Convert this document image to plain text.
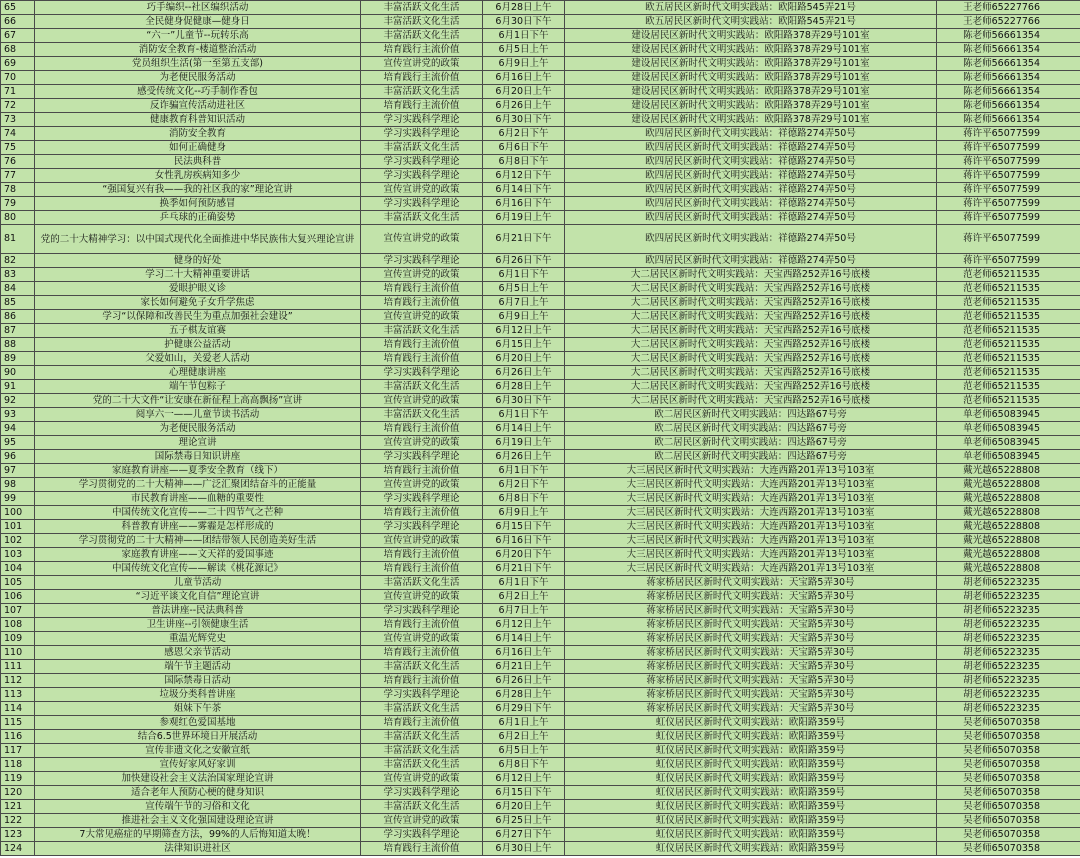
65	巧手编织--社区编织活动	丰富活跃文化生活	6月28日上午	欧五居民区新时代文明实践站：欧阳路545弄21号	王老师65227766
66	全民健身促健康—健身日	丰富活跃文化生活	6月30日下午	欧五居民区新时代文明实践站：欧阳路545弄21号	王老师65227766
67	“六一”儿童节--玩转乐高	丰富活跃文化生活	6月1日下午	建设居民区新时代文明实践站：欧阳路378弄29号101室	陈老师56661354
68	消防安全教育-楼道整治活动	培育践行主流价值	6月5日上午	建设居民区新时代文明实践站：欧阳路378弄29号101室	陈老师56661354
69	党员组织生活(第一至第五支部)	宣传宣讲党的政策	6月9日上午	建设居民区新时代文明实践站：欧阳路378弄29号101室	陈老师56661354
70	为老便民服务活动	培育践行主流价值	6月16日上午	建设居民区新时代文明实践站：欧阳路378弄29号101室	陈老师56661354
71	感受传统文化--巧手制作香包	丰富活跃文化生活	6月20日上午	建设居民区新时代文明实践站：欧阳路378弄29号101室	陈老师56661354
72	反诈骗宣传活动进社区	培育践行主流价值	6月26日上午	建设居民区新时代文明实践站：欧阳路378弄29号101室	陈老师56661354
73	健康教育科普知识活动	学习实践科学理论	6月30日下午	建设居民区新时代文明实践站：欧阳路378弄29号101室	陈老师56661354
74	消防安全教育	学习实践科学理论	6月2日下午	欧四居民区新时代文明实践站：祥德路274弄50号	蒋许平65077599
75	如何正确健身	丰富活跃文化生活	6月6日下午	欧四居民区新时代文明实践站：祥德路274弄50号	蒋许平65077599
76	民法典科普	学习实践科学理论	6月8日下午	欧四居民区新时代文明实践站：祥德路274弄50号	蒋许平65077599
77	女性乳房疾病知多少	学习实践科学理论	6月12日下午	欧四居民区新时代文明实践站：祥德路274弄50号	蒋许平65077599
78	“强国复兴有我——我的社区我的家”理论宣讲	宣传宣讲党的政策	6月14日下午	欧四居民区新时代文明实践站：祥德路274弄50号	蒋许平65077599
79	换季如何预防感冒	学习实践科学理论	6月16日下午	欧四居民区新时代文明实践站：祥德路274弄50号	蒋许平65077599
80	乒乓球的正确姿势	丰富活跃文化生活	6月19日上午	欧四居民区新时代文明实践站：祥德路274弄50号	蒋许平65077599
81	党的二十大精神学习：以中国式现代化全面推进中华民族伟大复兴理论宣讲	宣传宣讲党的政策	6月21日下午	欧四居民区新时代文明实践站：祥德路274弄50号	蒋许平65077599
82	健身的好处	学习实践科学理论	6月26日下午	欧四居民区新时代文明实践站：祥德路274弄50号	蒋许平65077599
83	学习二十大精神重要讲话	宣传宣讲党的政策	6月1日下午	大二居民区新时代文明实践站：天宝西路252弄16号底楼	范老师65211535
84	爱眼护眼义诊	培育践行主流价值	6月5日上午	大二居民区新时代文明实践站：天宝西路252弄16号底楼	范老师65211535
85	家长如何避免子女升学焦虑	培育践行主流价值	6月7日上午	大二居民区新时代文明实践站：天宝西路252弄16号底楼	范老师65211535
86	学习“以保障和改善民生为重点加强社会建设”	宣传宣讲党的政策	6月9日上午	大二居民区新时代文明实践站：天宝西路252弄16号底楼	范老师65211535
87	五子棋友谊赛	丰富活跃文化生活	6月12日上午	大二居民区新时代文明实践站：天宝西路252弄16号底楼	范老师65211535
88	护健康公益活动	培育践行主流价值	6月15日上午	大二居民区新时代文明实践站：天宝西路252弄16号底楼	范老师65211535
89	父爱如山，关爱老人活动	培育践行主流价值	6月20日上午	大二居民区新时代文明实践站：天宝西路252弄16号底楼	范老师65211535
90	心理健康讲座	学习实践科学理论	6月26日上午	大二居民区新时代文明实践站：天宝西路252弄16号底楼	范老师65211535
91	端午节包粽子	丰富活跃文化生活	6月28日上午	大二居民区新时代文明实践站：天宝西路252弄16号底楼	范老师65211535
92	党的二十大文件“让安康在新征程上高高飘扬”宣讲	宣传宣讲党的政策	6月30日下午	大二居民区新时代文明实践站：天宝西路252弄16号底楼	范老师65211535
93	阅享六一——儿童节读书活动	丰富活跃文化生活	6月1日下午	欧二居民区新时代文明实践站：四达路67号旁	单老师65083945
94	为老便民服务活动	培育践行主流价值	6月14日上午	欧二居民区新时代文明实践站：四达路67号旁	单老师65083945
95	理论宣讲	宣传宣讲党的政策	6月19日上午	欧二居民区新时代文明实践站：四达路67号旁	单老师65083945
96	国际禁毒日知识讲座	学习实践科学理论	6月26日上午	欧二居民区新时代文明实践站：四达路67号旁	单老师65083945
97	家庭教育讲座——夏季安全教育（线下）	培育践行主流价值	6月1日下午	大三居民区新时代文明实践站：大连西路201弄13号103室	戴光越65228808
98	学习贯彻党的二十大精神——广泛汇聚团结奋斗的正能量	宣传宣讲党的政策	6月2日下午	大三居民区新时代文明实践站：大连西路201弄13号103室	戴光越65228808
99	市民教育讲座——血糖的重要性	学习实践科学理论	6月8日下午	大三居民区新时代文明实践站：大连西路201弄13号103室	戴光越65228808
100	中国传统文化宣传——二十四节气之芒种	培育践行主流价值	6月9日上午	大三居民区新时代文明实践站：大连西路201弄13号103室	戴光越65228808
101	科普教育讲座——雾霾是怎样形成的	学习实践科学理论	6月15日下午	大三居民区新时代文明实践站：大连西路201弄13号103室	戴光越65228808
102	学习贯彻党的二十大精神——团结带领人民创造美好生活	宣传宣讲党的政策	6月16日下午	大三居民区新时代文明实践站：大连西路201弄13号103室	戴光越65228808
103	家庭教育讲座——文天祥的爱国事迹	培育践行主流价值	6月20日下午	大三居民区新时代文明实践站：大连西路201弄13号103室	戴光越65228808
104	中国传统文化宣传——解读《桃花源记》	培育践行主流价值	6月21日下午	大三居民区新时代文明实践站：大连西路201弄13号103室	戴光越65228808
105	儿童节活动	丰富活跃文化生活	6月1日下午	蒋家桥居民区新时代文明实践站：天宝路5弄30号	胡老师65223235
106	“习近平谈文化自信”理论宣讲	宣传宣讲党的政策	6月2日上午	蒋家桥居民区新时代文明实践站：天宝路5弄30号	胡老师65223235
107	普法讲座--民法典科普	学习实践科学理论	6月7日上午	蒋家桥居民区新时代文明实践站：天宝路5弄30号	胡老师65223235
108	卫生讲座--引领健康生活	培育践行主流价值	6月12日上午	蒋家桥居民区新时代文明实践站：天宝路5弄30号	胡老师65223235
109	重温光辉党史	宣传宣讲党的政策	6月14日上午	蒋家桥居民区新时代文明实践站：天宝路5弄30号	胡老师65223235
110	感恩父亲节活动	培育践行主流价值	6月16日上午	蒋家桥居民区新时代文明实践站：天宝路5弄30号	胡老师65223235
111	端午节主题活动	丰富活跃文化生活	6月21日上午	蒋家桥居民区新时代文明实践站：天宝路5弄30号	胡老师65223235
112	国际禁毒日活动	培育践行主流价值	6月26日上午	蒋家桥居民区新时代文明实践站：天宝路5弄30号	胡老师65223235
113	垃圾分类科普讲座	学习实践科学理论	6月28日上午	蒋家桥居民区新时代文明实践站：天宝路5弄30号	胡老师65223235
114	姐妹下午茶	丰富活跃文化生活	6月29日下午	蒋家桥居民区新时代文明实践站：天宝路5弄30号	胡老师65223235
115	参观红色爱国基地	培育践行主流价值	6月1日上午	虹仪居民区新时代文明实践站：欧阳路359号	吴老师65070358
116	结合6.5世界环境日开展活动	丰富活跃文化生活	6月2日上午	虹仪居民区新时代文明实践站：欧阳路359号	吴老师65070358
117	宣传非遗文化之安徽宣纸	丰富活跃文化生活	6月5日上午	虹仪居民区新时代文明实践站：欧阳路359号	吴老师65070358
118	宣传好家风好家训	丰富活跃文化生活	6月8日下午	虹仪居民区新时代文明实践站：欧阳路359号	吴老师65070358
119	加快建设社会主义法治国家理论宣讲	宣传宣讲党的政策	6月12日上午	虹仪居民区新时代文明实践站：欧阳路359号	吴老师65070358
120	适合老年人预防心梗的健身知识	学习实践科学理论	6月15日下午	虹仪居民区新时代文明实践站：欧阳路359号	吴老师65070358
121	宣传端午节的习俗和文化	丰富活跃文化生活	6月20日上午	虹仪居民区新时代文明实践站：欧阳路359号	吴老师65070358
122	推进社会主义文化强国建设理论宣讲	宣传宣讲党的政策	6月25日上午	虹仪居民区新时代文明实践站：欧阳路359号	吴老师65070358
123	7大常见癌症的早期筛查方法，99%的人后悔知道太晚！	学习实践科学理论	6月27日下午	虹仪居民区新时代文明实践站：欧阳路359号	吴老师65070358
124	法律知识进社区	培育践行主流价值	6月30日上午	虹仪居民区新时代文明实践站：欧阳路359号	吴老师65070358
